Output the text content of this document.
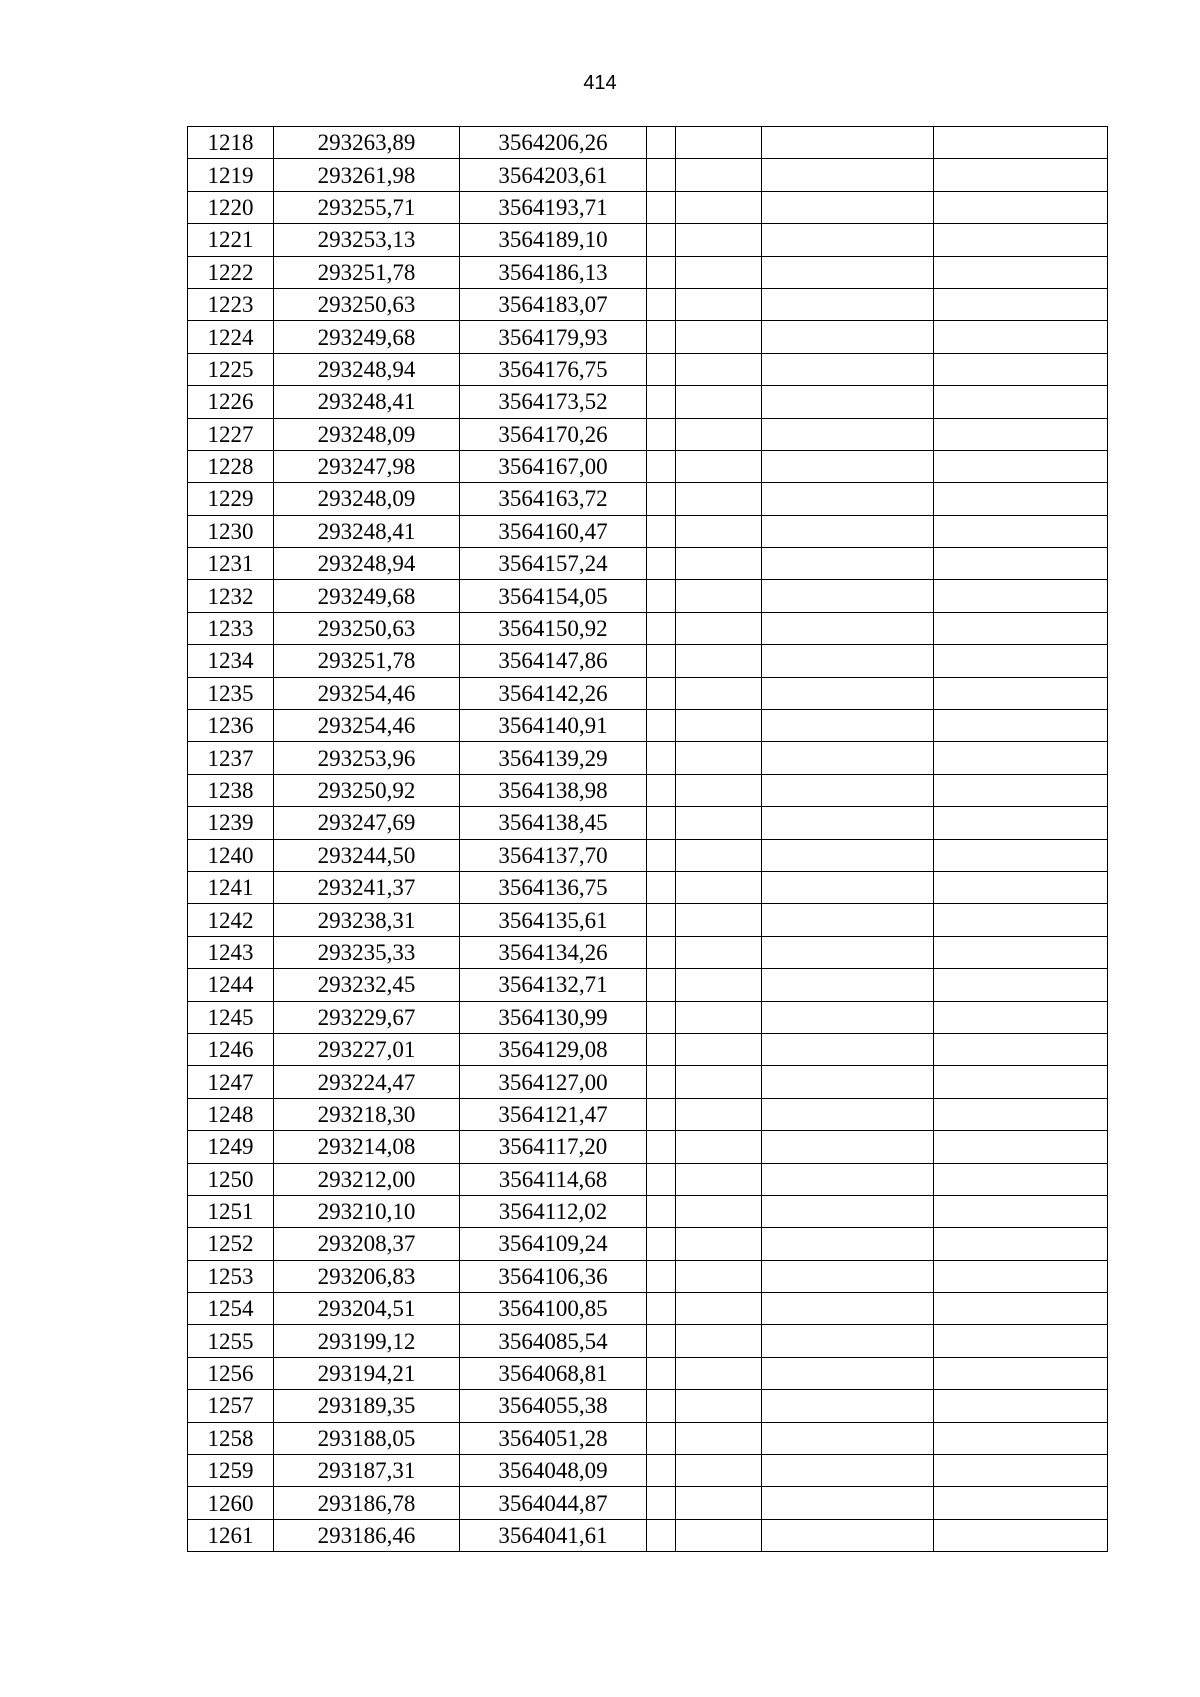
414
1218	293263,89	3564206,26				
1219	293261,98	3564203,61				
1220	293255,71	3564193,71				
1221	293253,13	3564189,10				
1222	293251,78	3564186,13				
1223	293250,63	3564183,07				
1224	293249,68	3564179,93				
1225	293248,94	3564176,75				
1226	293248,41	3564173,52				
1227	293248,09	3564170,26				
1228	293247,98	3564167,00				
1229	293248,09	3564163,72				
1230	293248,41	3564160,47				
1231	293248,94	3564157,24				
1232	293249,68	3564154,05				
1233	293250,63	3564150,92				
1234	293251,78	3564147,86				
1235	293254,46	3564142,26				
1236	293254,46	3564140,91				
1237	293253,96	3564139,29				
1238	293250,92	3564138,98				
1239	293247,69	3564138,45				
1240	293244,50	3564137,70				
1241	293241,37	3564136,75				
1242	293238,31	3564135,61				
1243	293235,33	3564134,26				
1244	293232,45	3564132,71				
1245	293229,67	3564130,99				
1246	293227,01	3564129,08				
1247	293224,47	3564127,00				
1248	293218,30	3564121,47				
1249	293214,08	3564117,20				
1250	293212,00	3564114,68				
1251	293210,10	3564112,02				
1252	293208,37	3564109,24				
1253	293206,83	3564106,36				
1254	293204,51	3564100,85				
1255	293199,12	3564085,54				
1256	293194,21	3564068,81				
1257	293189,35	3564055,38				
1258	293188,05	3564051,28				
1259	293187,31	3564048,09				
1260	293186,78	3564044,87				
1261	293186,46	3564041,61				
